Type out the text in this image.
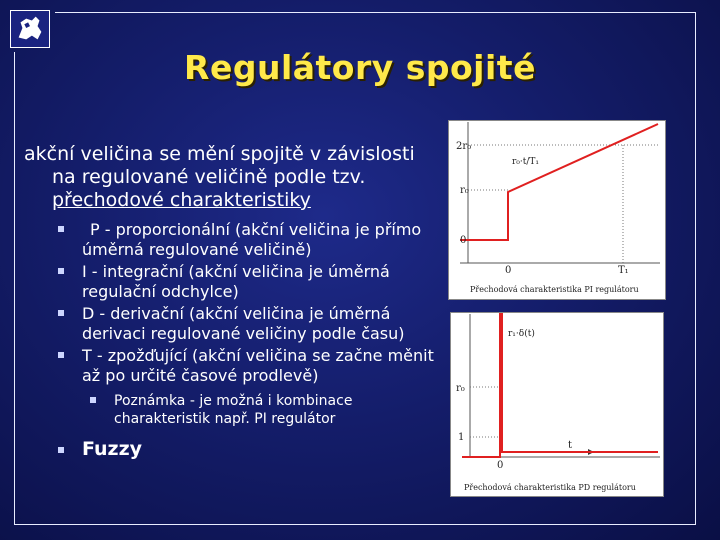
Regulátory spojité

akční veličina se mění spojitě v závislosti na regulované veličině podle tzv. přechodové charakteristiky

P - proporcionální (akční veličina je přímo úměrná regulované veličině)
I - integrační (akční veličina je úměrná regulační odchylce)
D - derivační (akční veličina je úměrná derivaci regulované veličiny podle času)
T - zpožďující (akční veličina se začne měnit až po určité časové prodlevě)
Poznámka - je možná i kombinace charakteristik např. PI regulátor
Fuzzy
2r₀
r₀
0
0	T₁
r₀·t/T₁
Přechodová charakteristika PI regulátoru
r₀
1
0
t
r₁·δ(t)
Přechodová charakteristika PD regulátoru
